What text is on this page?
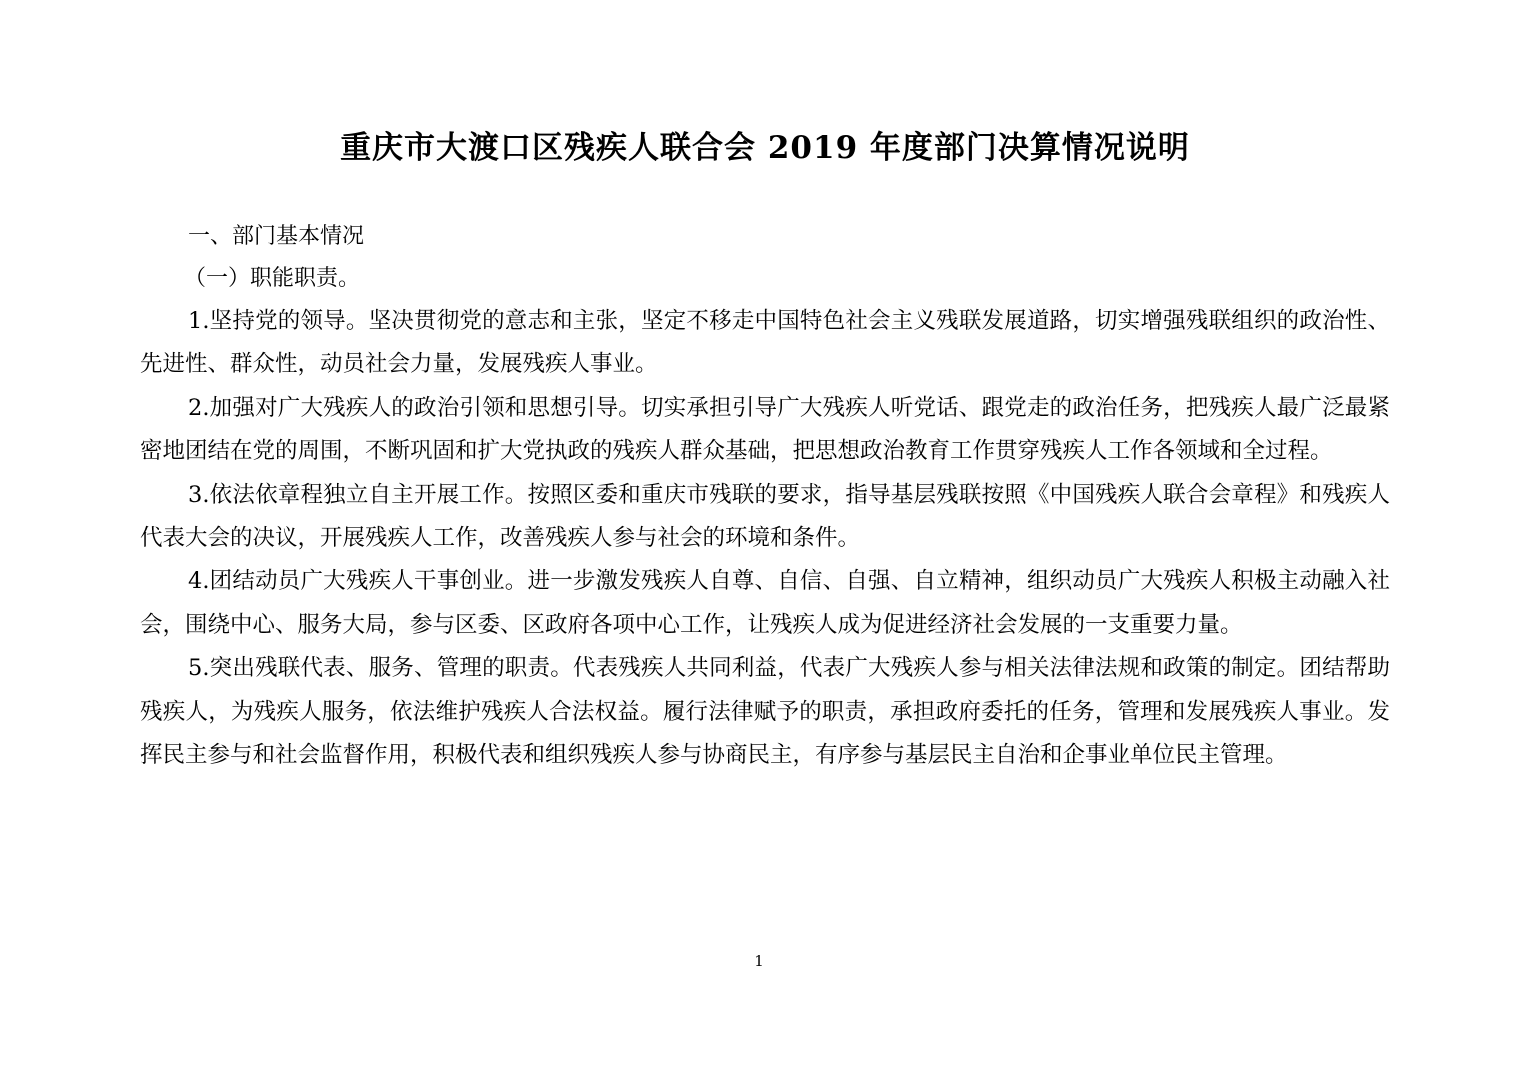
重庆市大渡口区残疾人联合会 2019 年度部门决算情况说明

一、部门基本情况

（一）职能职责。

1.坚持党的领导。坚决贯彻党的意志和主张，坚定不移走中国特色社会主义残联发展道路，切实增强残联组织的政治性、先进性、群众性，动员社会力量，发展残疾人事业。

2.加强对广大残疾人的政治引领和思想引导。切实承担引导广大残疾人听党话、跟党走的政治任务，把残疾人最广泛最紧密地团结在党的周围，不断巩固和扩大党执政的残疾人群众基础，把思想政治教育工作贯穿残疾人工作各领域和全过程。

3.依法依章程独立自主开展工作。按照区委和重庆市残联的要求，指导基层残联按照《中国残疾人联合会章程》和残疾人代表大会的决议，开展残疾人工作，改善残疾人参与社会的环境和条件。

4.团结动员广大残疾人干事创业。进一步激发残疾人自尊、自信、自强、自立精神，组织动员广大残疾人积极主动融入社会，围绕中心、服务大局，参与区委、区政府各项中心工作，让残疾人成为促进经济社会发展的一支重要力量。

5.突出残联代表、服务、管理的职责。代表残疾人共同利益，代表广大残疾人参与相关法律法规和政策的制定。团结帮助残疾人，为残疾人服务，依法维护残疾人合法权益。履行法律赋予的职责，承担政府委托的任务，管理和发展残疾人事业。发挥民主参与和社会监督作用，积极代表和组织残疾人参与协商民主，有序参与基层民主自治和企事业单位民主管理。

1
